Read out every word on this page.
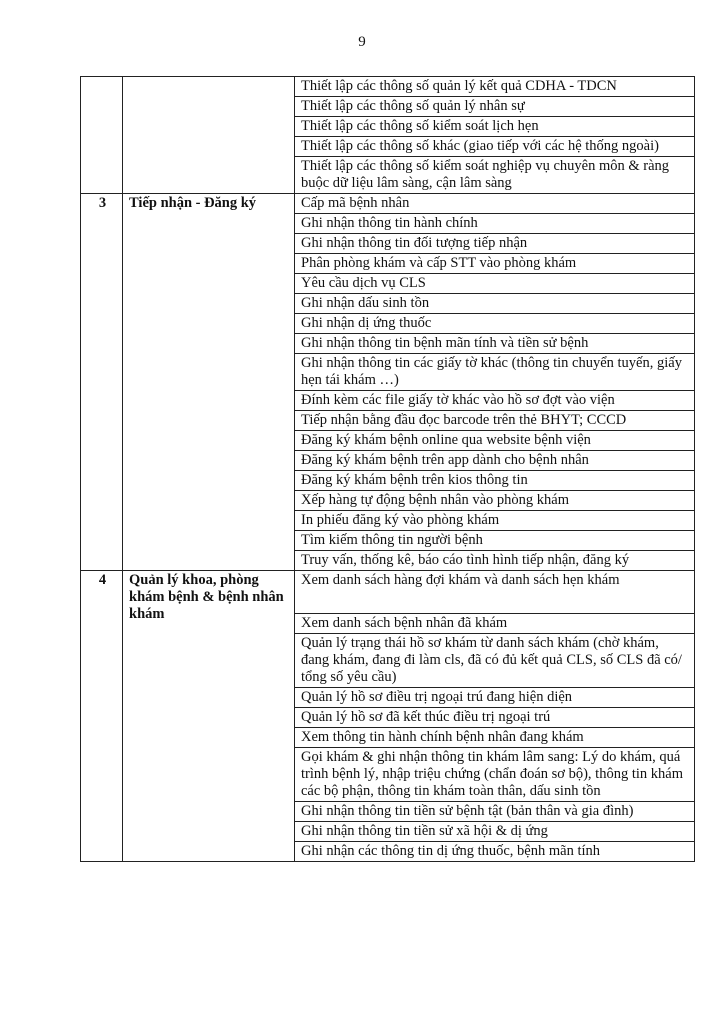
9
		Thiết lập các thông số quản lý kết quả CDHA - TDCN
		Thiết lập các thông số quản lý nhân sự
		Thiết lập các thông số kiểm soát lịch hẹn
		Thiết lập các thông số khác (giao tiếp với các hệ thống ngoài)
		Thiết lập các thông số kiểm soát nghiệp vụ chuyên môn & ràng buộc dữ liệu lâm sàng, cận lâm sàng
3	Tiếp nhận - Đăng ký	Cấp mã bệnh nhân
		Ghi nhận thông tin hành chính
		Ghi nhận thông tin đối tượng tiếp nhận
		Phân phòng khám và cấp STT vào phòng khám
		Yêu cầu dịch vụ CLS
		Ghi nhận dấu sinh tồn
		Ghi nhận dị ứng thuốc
		Ghi nhận thông tin bệnh mãn tính và tiền sử bệnh
		Ghi nhận thông tin các giấy tờ khác (thông tin chuyển tuyến, giấy hẹn tái khám …)
		Đính kèm các file giấy tờ khác vào hồ sơ đợt vào viện
		Tiếp nhận bằng đầu đọc barcode trên thẻ BHYT; CCCD
		Đăng ký khám bệnh online qua website bệnh viện
		Đăng ký khám bệnh trên app dành cho bệnh nhân
		Đăng ký khám bệnh trên kios thông tin
		Xếp hàng tự động bệnh nhân vào phòng khám
		In phiếu đăng ký vào phòng khám
		Tìm kiếm thông tin người bệnh
		Truy vấn, thống kê, báo cáo tình hình tiếp nhận, đăng ký
4	Quản lý khoa, phòng khám bệnh & bệnh nhân khám	Xem danh sách hàng đợi khám và danh sách hẹn khám
		Xem danh sách bệnh nhân đã khám
		Quản lý trạng thái hồ sơ khám từ danh sách khám (chờ khám, đang khám, đang đi làm cls, đã có đủ kết quả CLS, số CLS đã có/ tổng số yêu cầu)
		Quản lý hồ sơ điều trị ngoại trú đang hiện diện
		Quản lý hồ sơ đã kết thúc điều trị ngoại trú
		Xem thông tin hành chính bệnh nhân đang khám
		Gọi khám & ghi nhận thông tin khám lâm sang: Lý do khám, quá trình bệnh lý, nhập triệu chứng (chẩn đoán sơ bộ), thông tin khám các bộ phận, thông tin khám toàn thân, dấu sinh tồn
		Ghi nhận thông tin tiền sử bệnh tật (bản thân và gia đình)
		Ghi nhận thông tin tiền sử xã hội & dị ứng
		Ghi nhận các thông tin dị ứng thuốc, bệnh mãn tính
